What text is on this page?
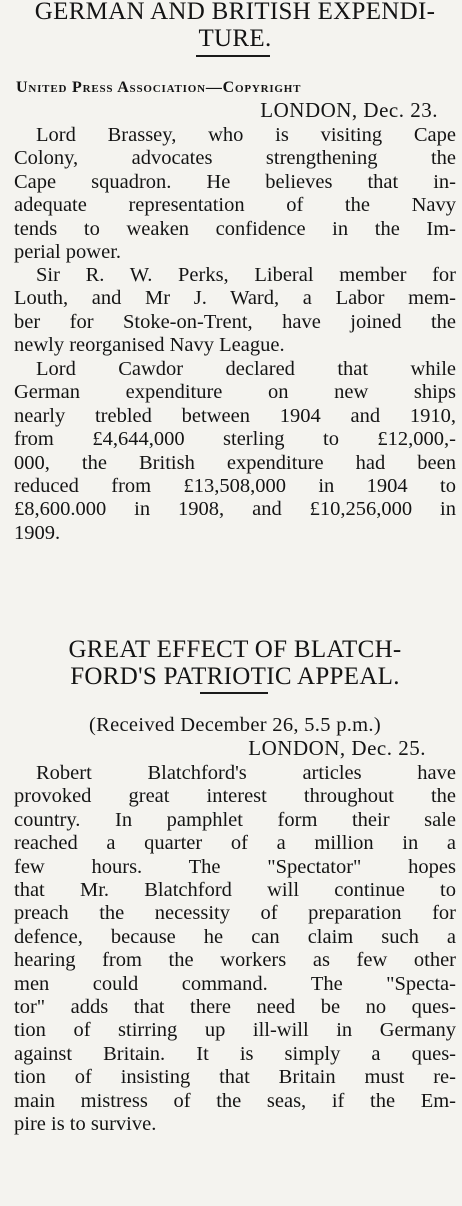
GERMAN AND BRITISH EXPENDI-
TURE.
United Press Association—Copyright
LONDON, Dec. 23.
Lord Brassey, who is visiting Cape
Colony, advocates strengthening the
Cape squadron. He believes that in-
adequate representation of the Navy
tends to weaken confidence in the Im-
perial power.
Sir R. W. Perks, Liberal member for
Louth, and Mr J. Ward, a Labor mem-
ber for Stoke-on-Trent, have joined the
newly reorganised Navy League.
Lord Cawdor declared that while
German expenditure on new ships
nearly trebled between 1904 and 1910,
from £4,644,000 sterling to £12,000,-
000, the British expenditure had been
reduced from £13,508,000 in 1904 to
£8,600.000 in 1908, and £10,256,000 in
1909.
GREAT EFFECT OF BLATCH-
FORD'S PATRIOTIC APPEAL.
(Received December 26, 5.5 p.m.)
LONDON, Dec. 25.
Robert Blatchford's articles have
provoked great interest throughout the
country. In pamphlet form their sale
reached a quarter of a million in a
few hours. The "Spectator" hopes
that Mr. Blatchford will continue to
preach the necessity of preparation for
defence, because he can claim such a
hearing from the workers as few other
men could command. The "Specta-
tor" adds that there need be no ques-
tion of stirring up ill-will in Germany
against Britain. It is simply a ques-
tion of insisting that Britain must re-
main mistress of the seas, if the Em-
pire is to survive.
